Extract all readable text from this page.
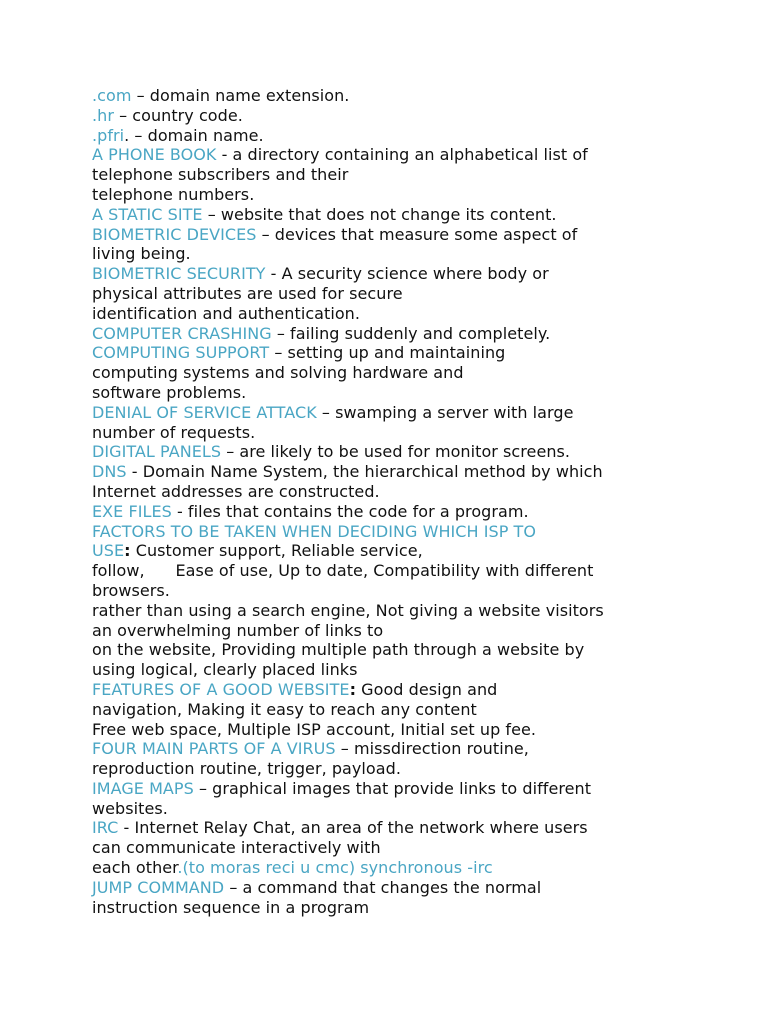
.com – domain name extension.
.hr – country code.
.pfri. – domain name.
A PHONE BOOK - a directory containing an alphabetical list of
telephone subscribers and their
telephone numbers.
A STATIC SITE – website that does not change its content.
BIOMETRIC DEVICES – devices that measure some aspect of
living being.
BIOMETRIC SECURITY - A security science where body or
physical attributes are used for secure
identification and authentication.
COMPUTER CRASHING – failing suddenly and completely.
COMPUTING SUPPORT – setting up and maintaining
computing systems and solving hardware and
software problems.
DENIAL OF SERVICE ATTACK – swamping a server with large
number of requests.
DIGITAL PANELS – are likely to be used for monitor screens.
DNS - Domain Name System, the hierarchical method by which
Internet addresses are constructed.
EXE FILES - files that contains the code for a program.
FACTORS TO BE TAKEN WHEN DECIDING WHICH ISP TO
USE: Customer support, Reliable service,
follow,      Ease of use, Up to date, Compatibility with different
browsers.
rather than using a search engine, Not giving a website visitors
an overwhelming number of links to
on the website, Providing multiple path through a website by
using logical, clearly placed links
FEATURES OF A GOOD WEBSITE: Good design and
navigation, Making it easy to reach any content
Free web space, Multiple ISP account, Initial set up fee.
FOUR MAIN PARTS OF A VIRUS – missdirection routine,
reproduction routine, trigger, payload.
IMAGE MAPS – graphical images that provide links to different
websites.
IRC - Internet Relay Chat, an area of the network where users
can communicate interactively with
each other.(to moras reci u cmc) synchronous -irc
JUMP COMMAND – a command that changes the normal
instruction sequence in a program
